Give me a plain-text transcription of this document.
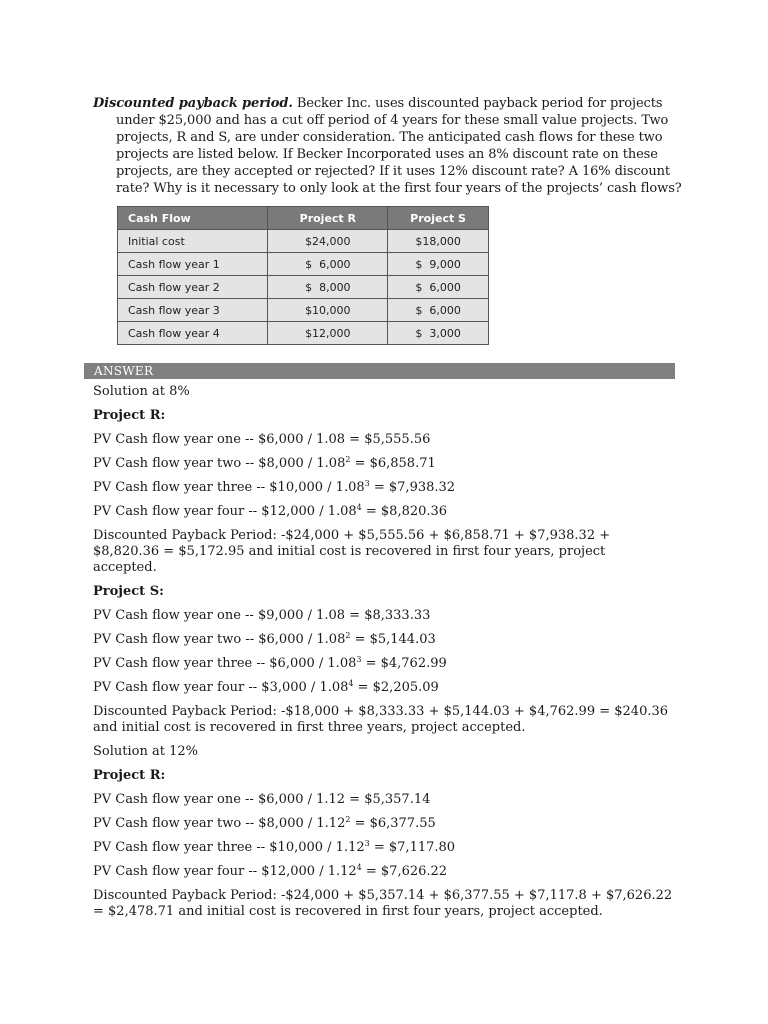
Discounted payback period. Becker Inc. uses discounted payback period for projects under $25,000 and has a cut off period of 4 years for these small value projects. Two projects, R and S, are under consideration. The anticipated cash flows for these two projects are listed below. If Becker Incorporated uses an 8% discount rate on these projects, are they accepted or rejected? If it uses 12% discount rate? A 16% discount rate? Why is it necessary to only look at the first four years of the projects’ cash flows?
Cash Flow	Project R	Project S
Initial cost	$24,000	$18,000
Cash flow year 1	$  6,000	$  9,000
Cash flow year 2	$  8,000	$  6,000
Cash flow year 3	$10,000	$  6,000
Cash flow year 4	$12,000	$  3,000
ANSWER

Solution at 8%

Project R:

PV Cash flow year one -- $6,000 / 1.08 = $5,555.56

PV Cash flow year two -- $8,000 / $1.08^2$ = $6,858.71

PV Cash flow year three -- $10,000 / $1.08^3$ = $7,938.32

PV Cash flow year four -- $12,000 / $1.08^4$ = $8,820.36

Discounted Payback Period: -$24,000 + $5,555.56 + $6,858.71 + $7,938.32 + $8,820.36 = $5,172.95 and initial cost is recovered in first four years, project accepted.

Project S:

PV Cash flow year one -- $9,000 / 1.08 = $8,333.33

PV Cash flow year two -- $6,000 / $1.08^2$ = $5,144.03

PV Cash flow year three -- $6,000 / $1.08^3$ = $4,762.99

PV Cash flow year four -- $3,000 / $1.08^4$ = $2,205.09

Discounted Payback Period: -$18,000 + $8,333.33 + $5,144.03 + $4,762.99 = $240.36 and initial cost is recovered in first three years, project accepted.

Solution at 12%

Project R:

PV Cash flow year one -- $6,000 / 1.12 = $5,357.14

PV Cash flow year two -- $8,000 / $1.12^2$ = $6,377.55

PV Cash flow year three -- $10,000 / $1.12^3$ = $7,117.80

PV Cash flow year four -- $12,000 / $1.12^4$ = $7,626.22

Discounted Payback Period: -$24,000 + $5,357.14 + $6,377.55 + $7,117.8 + $7,626.22 = $2,478.71 and initial cost is recovered in first four years, project accepted.
